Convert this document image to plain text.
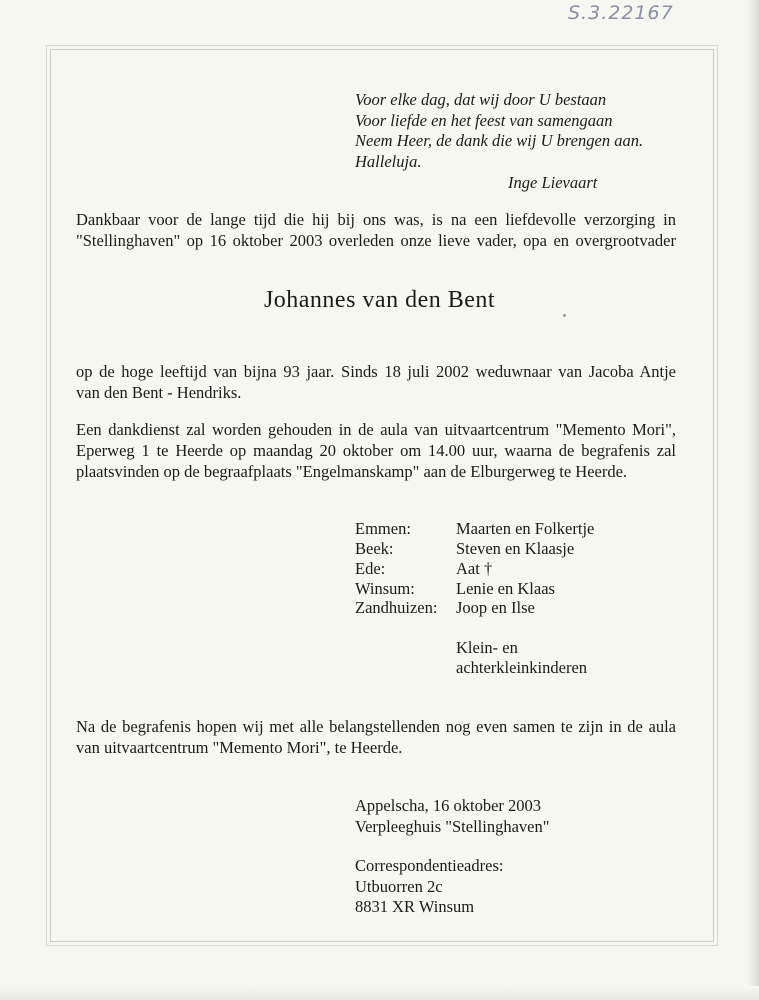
S.3.22167
Voor elke dag, dat wij door U bestaan
Voor liefde en het feest van samengaan
Neem Heer, de dank die wij U brengen aan.
Halleluja.
Inge Lievaart
Dankbaar voor de lange tijd die hij bij ons was, is na een liefdevolle verzorging in
"Stellinghaven" op 16 oktober 2003 overleden onze lieve vader, opa en overgrootvader
Johannes van den Bent
op de hoge leeftijd van bijna 93 jaar. Sinds 18 juli 2002 weduwnaar van Jacoba Antje
van den Bent - Hendriks.
Een dankdienst zal worden gehouden in de aula van uitvaartcentrum "Memento Mori",
Eperweg 1 te Heerde op maandag 20 oktober om 14.00 uur, waarna de begrafenis zal
plaatsvinden op de begraafplaats "Engelmanskamp" aan de Elburgerweg te Heerde.
Emmen:	Maarten en Folkertje
Beek:	Steven en Klaasje
Ede:	Aat †
Winsum: Lenie en Klaas
Zandhuizen: Joop en Ilse
Klein- en
achterkleinkinderen
Na de begrafenis hopen wij met alle belangstellenden nog even samen te zijn in de aula
van uitvaartcentrum "Memento Mori", te Heerde.
Appelscha, 16 oktober 2003
Verpleeghuis "Stellinghaven"
Correspondentieadres:
Utbuorren 2c
8831 XR Winsum
